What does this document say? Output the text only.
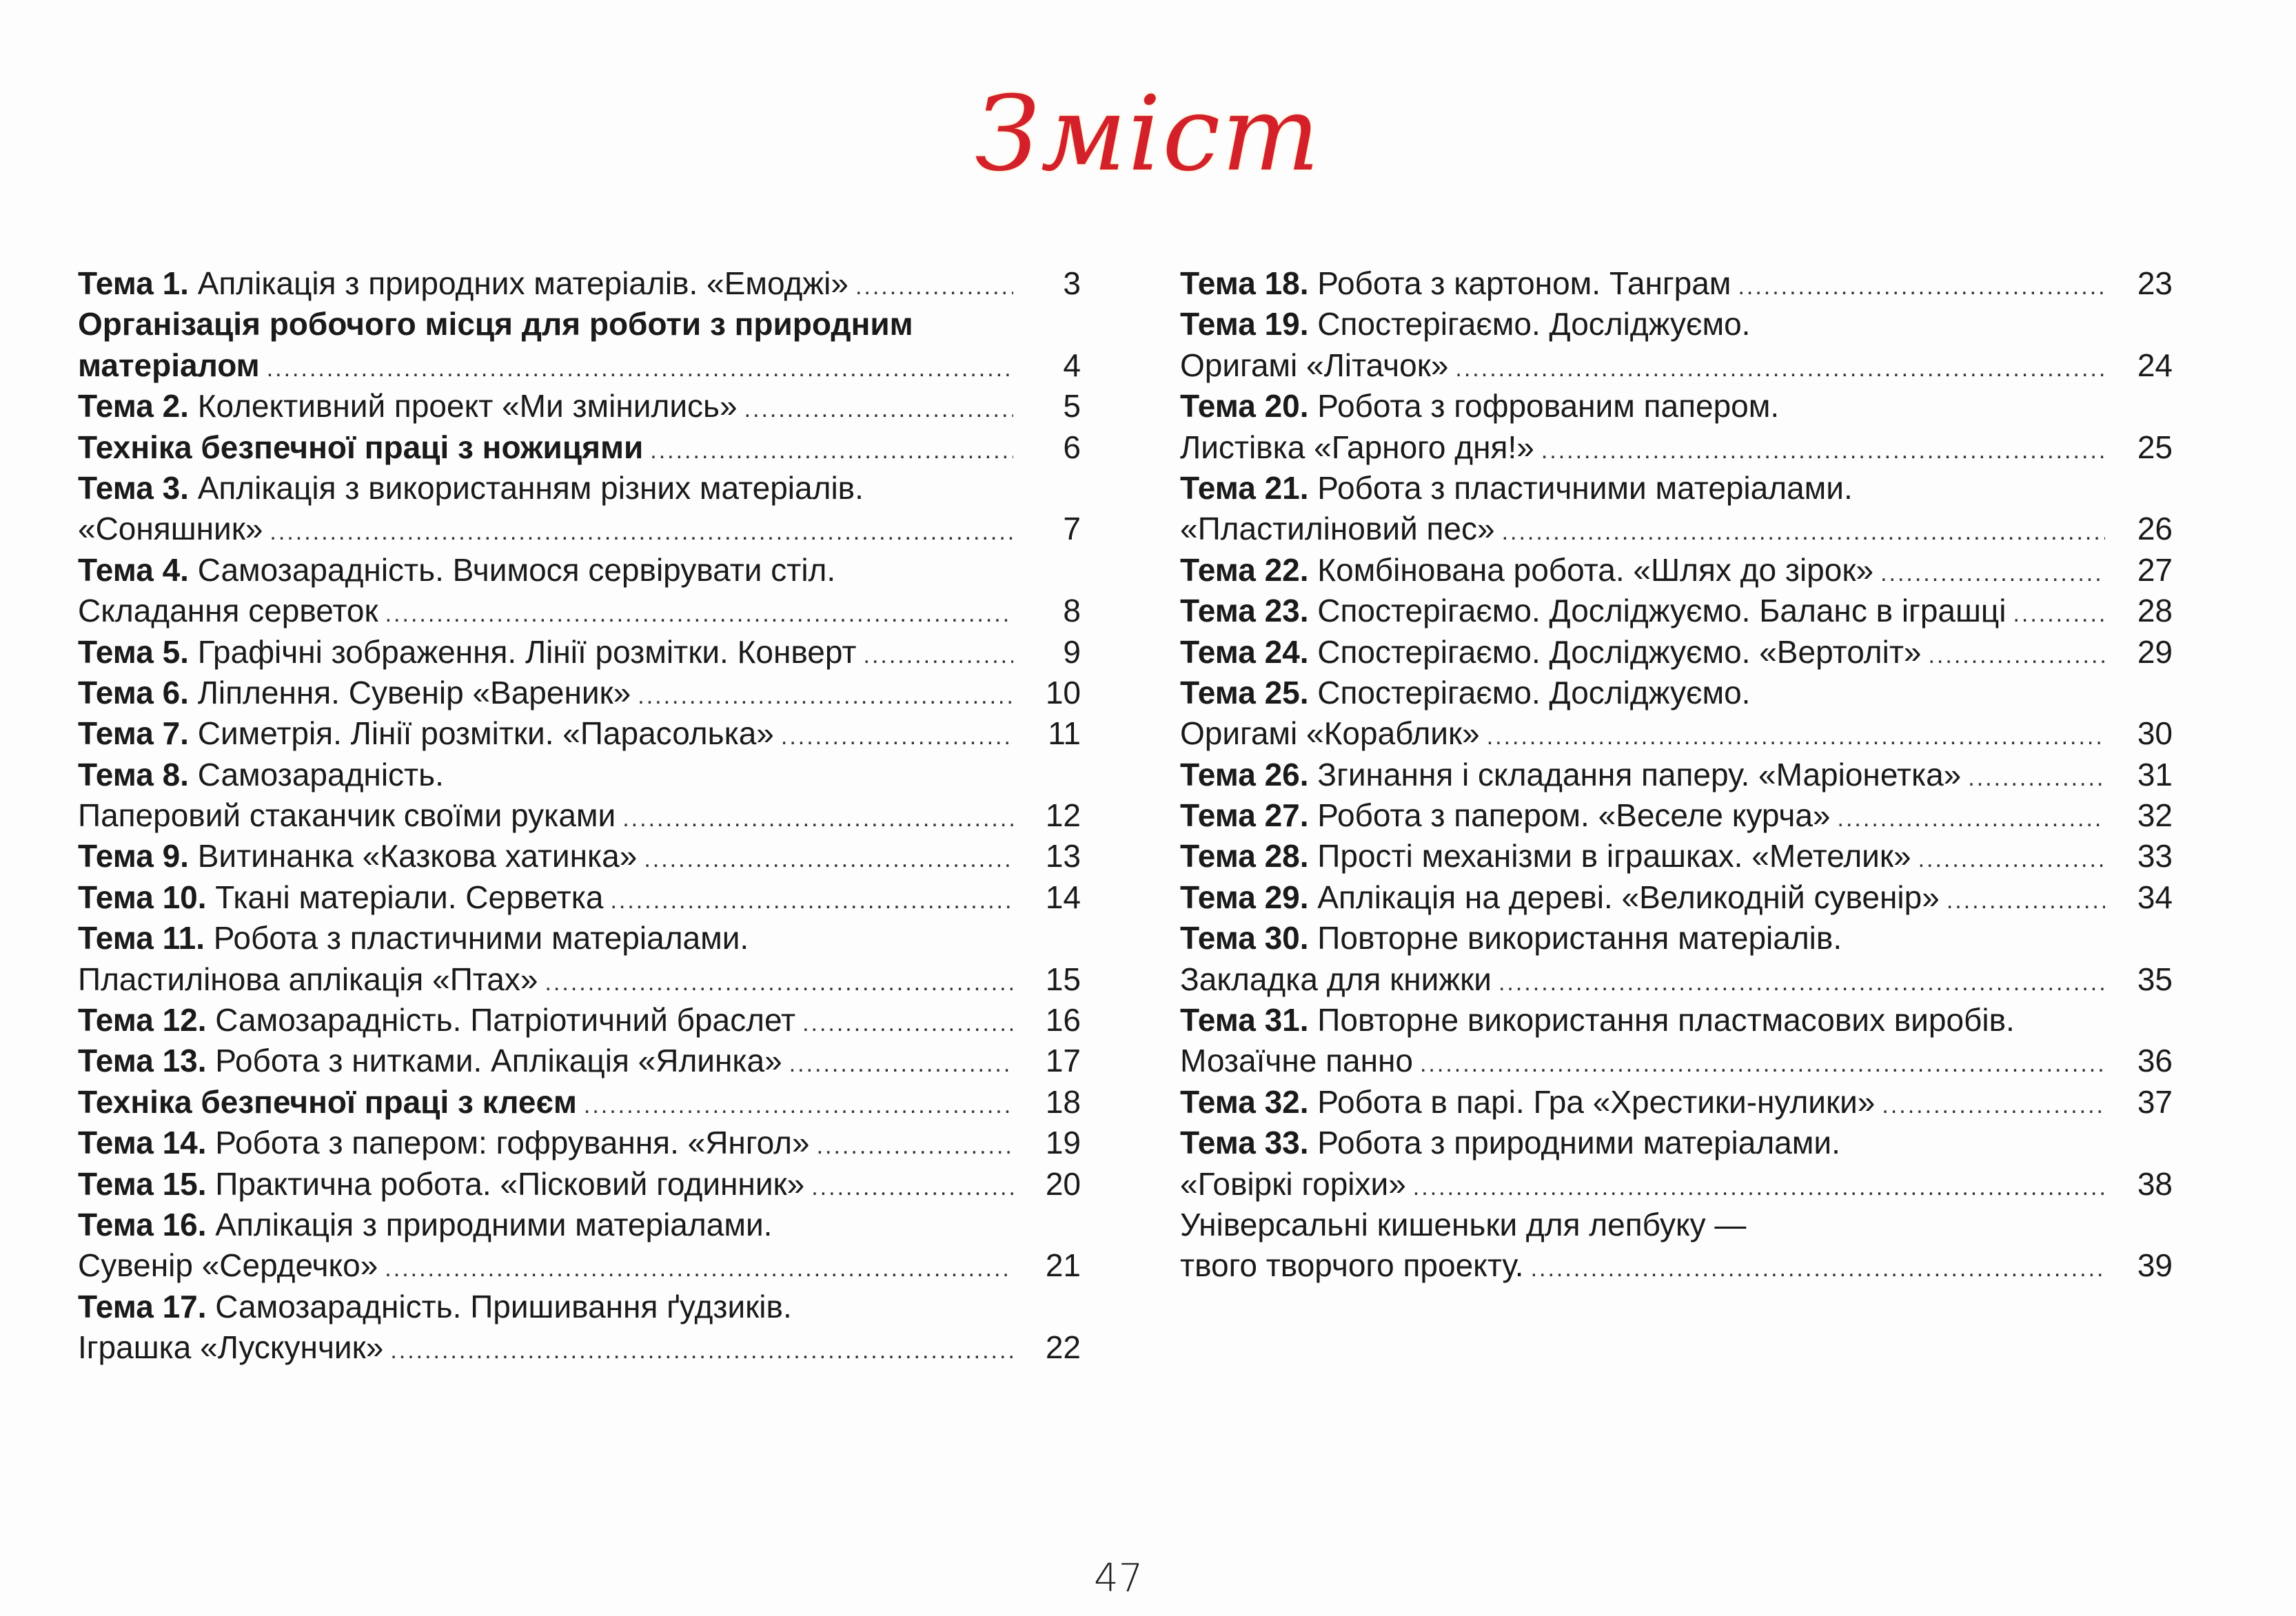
Зміст
Тема 1. Аплікація з природних матеріалів. «Емоджі» .....	3
Організація робочого місця для роботи з природним
матеріалом .....	4
Тема 2. Колективний проект «Ми змінились» .....	5
Техніка безпечної праці з ножицями .....	6
Тема 3. Аплікація з використанням різних матеріалів.
«Соняшник» .....	7
Тема 4. Самозарадність. Вчимося сервірувати стіл.
Складання серветок .....	8
Тема 5. Графічні зображення. Лінії розмітки. Конверт .....	9
Тема 6. Ліплення. Сувенір «Вареник» .....	10
Тема 7. Симетрія. Лінії розмітки. «Парасолька» .....	11
Тема 8. Самозарадність.
Паперовий стаканчик своїми руками .....	12
Тема 9. Витинанка «Казкова хатинка» .....	13
Тема 10. Ткані матеріали. Серветка .....	14
Тема 11. Робота з пластичними матеріалами.
Пластилінова аплікація «Птах» .....	15
Тема 12. Самозарадність. Патріотичний браслет .....	16
Тема 13. Робота з нитками. Аплікація «Ялинка» .....	17
Техніка безпечної праці з клеєм .....	18
Тема 14. Робота з папером: гофрування. «Янгол» .....	19
Тема 15. Практична робота. «Пісковий годинник» .....	20
Тема 16. Аплікація з природними матеріалами.
Сувенір «Сердечко» .....	21
Тема 17. Самозарадність. Пришивання ґудзиків.
Іграшка «Лускунчик» .....	22
Тема 18. Робота з картоном. Танграм .....	23
Тема 19. Спостерігаємо. Досліджуємо.
Оригамі «Літачок» .....	24
Тема 20. Робота з гофрованим папером.
Листівка «Гарного дня!» .....	25
Тема 21. Робота з пластичними матеріалами.
«Пластиліновий пес» .....	26
Тема 22. Комбінована робота. «Шлях до зірок» .....	27
Тема 23. Спостерігаємо. Досліджуємо. Баланс в іграшці .....	28
Тема 24. Спостерігаємо. Досліджуємо. «Вертоліт» .....	29
Тема 25. Спостерігаємо. Досліджуємо.
Оригамі «Кораблик» .....	30
Тема 26. Згинання і складання паперу. «Маріонетка» .....	31
Тема 27. Робота з папером. «Веселе курча» .....	32
Тема 28. Прості механізми в іграшках. «Метелик» .....	33
Тема 29. Аплікація на дереві. «Великодній сувенір» .....	34
Тема 30. Повторне використання матеріалів.
Закладка для книжки .....	35
Тема 31. Повторне використання пластмасових виробів.
Мозаїчне панно .....	36
Тема 32. Робота в парі. Гра «Хрестики-нулики» .....	37
Тема 33. Робота з природними матеріалами.
«Говіркі горіхи» .....	38
Універсальні кишеньки для лепбуку —
твого творчого проекту. .....	39
47
